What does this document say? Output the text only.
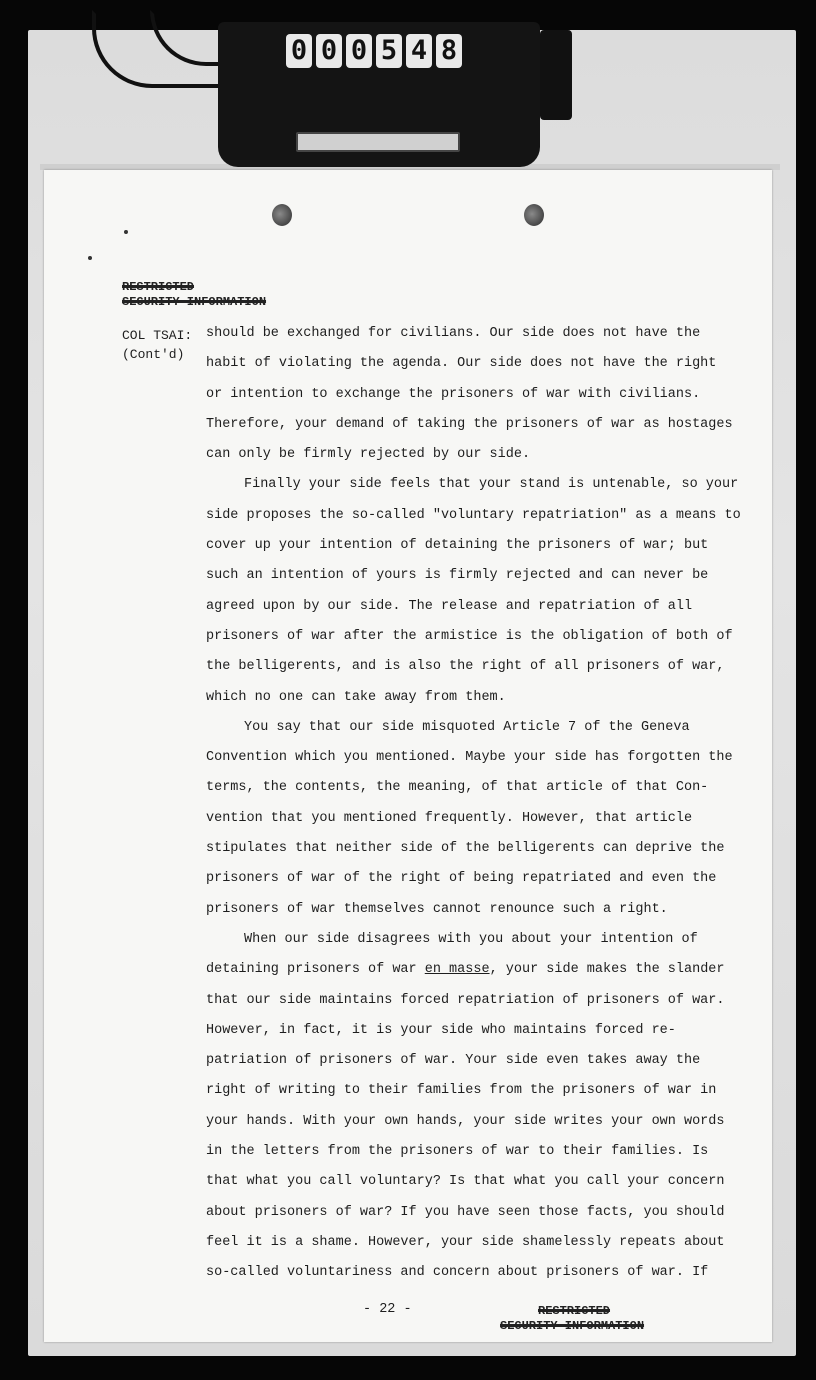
0 0 0 5 4 8
RESTRICTED
SECURITY INFORMATION
COL TSAI:
(Cont'd)
should be exchanged for civilians. Our side does not have the
habit of violating the agenda. Our side does not have the right
or intention to exchange the prisoners of war with civilians.
Therefore, your demand of taking the prisoners of war as hostages
can only be firmly rejected by our side.
Finally your side feels that your stand is untenable, so your
side proposes the so-called "voluntary repatriation" as a means to
cover up your intention of detaining the prisoners of war; but
such an intention of yours is firmly rejected and can never be
agreed upon by our side. The release and repatriation of all
prisoners of war after the armistice is the obligation of both of
the belligerents, and is also the right of all prisoners of war,
which no one can take away from them.
You say that our side misquoted Article 7 of the Geneva
Convention which you mentioned. Maybe your side has forgotten the
terms, the contents, the meaning, of that article of that Con-
vention that you mentioned frequently. However, that article
stipulates that neither side of the belligerents can deprive the
prisoners of war of the right of being repatriated and even the
prisoners of war themselves cannot renounce such a right.
When our side disagrees with you about your intention of
detaining prisoners of war en masse, your side makes the slander
that our side maintains forced repatriation of prisoners of war.
However, in fact, it is your side who maintains forced re-
patriation of prisoners of war. Your side even takes away the
right of writing to their families from the prisoners of war in
your hands. With your own hands, your side writes your own words
in the letters from the prisoners of war to their families. Is
that what you call voluntary? Is that what you call your concern
about prisoners of war? If you have seen those facts, you should
feel it is a shame. However, your side shamelessly repeats about
so-called voluntariness and concern about prisoners of war. If
- 22 -	RESTRICTED
SECURITY INFORMATION
